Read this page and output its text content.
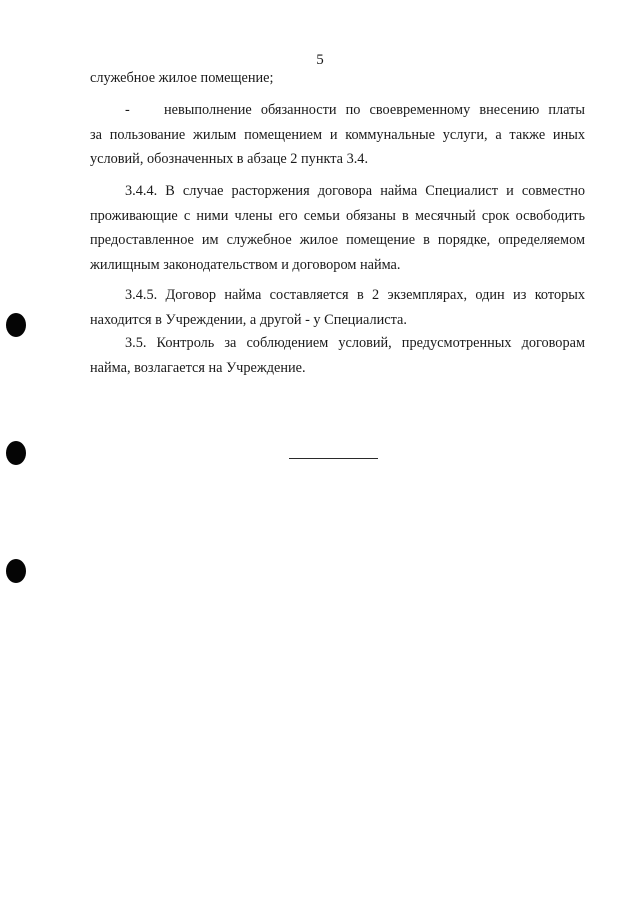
5
служебное жилое помещение;
-	невыполнение обязанности по своевременному внесению платы
за пользование жилым помещением и коммунальные услуги, а также иных
условий, обозначенных в абзаце 2 пункта 3.4.
3.4.4. В случае расторжения договора найма Специалист и совместно
проживающие с ними члены его семьи обязаны в месячный срок освободить
предоставленное им служебное жилое помещение в порядке, определяемом
жилищным законодательством и договором найма.
3.4.5. Договор найма составляется в 2 экземплярах, один из которых
находится в Учреждении, а другой - у Специалиста.
3.5. Контроль за соблюдением условий, предусмотренных договорам
найма, возлагается на Учреждение.
